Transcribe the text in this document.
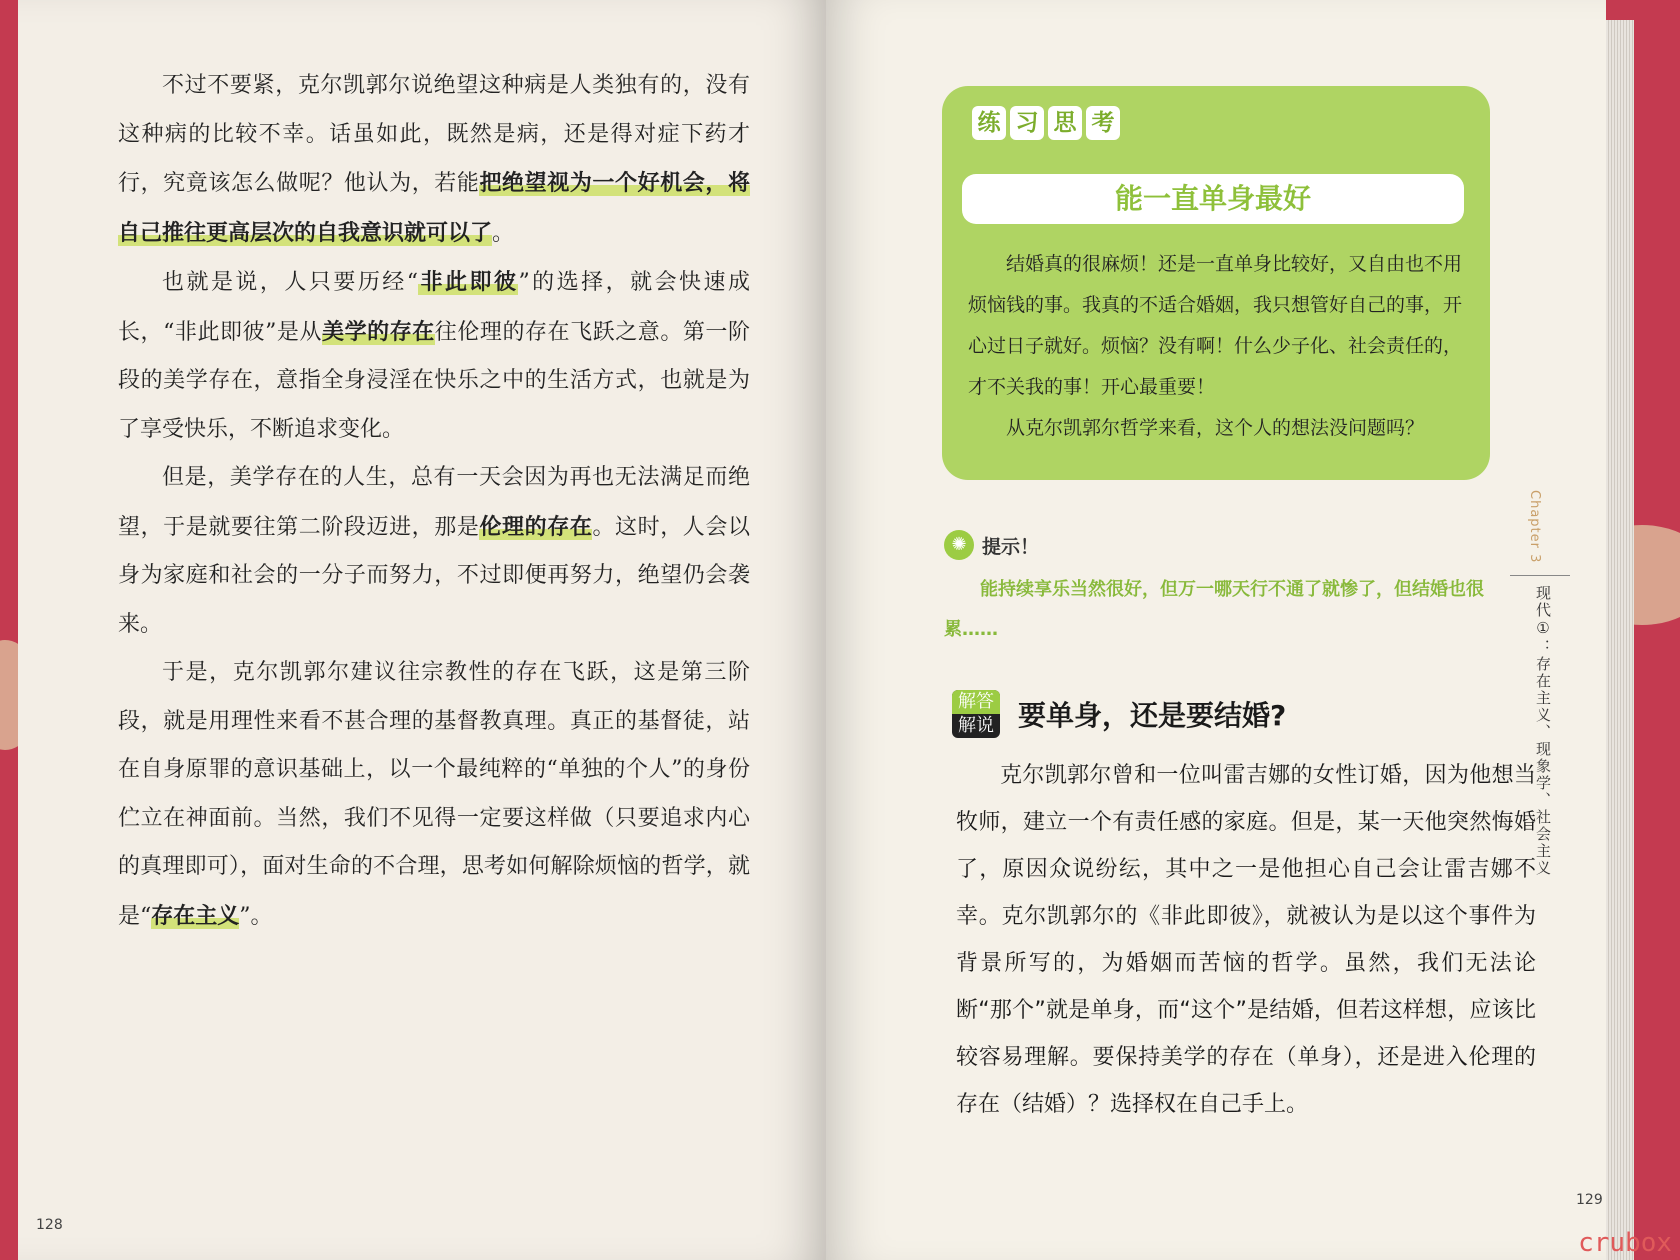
不过不要紧，克尔凯郭尔说绝望这种病是人类独有的，没有这种病的比较不幸。话虽如此，既然是病，还是得对症下药才行，究竟该怎么做呢？他认为，若能把绝望视为一个好机会，将自己推往更高层次的自我意识就可以了。

也就是说，人只要历经“非此即彼”的选择，就会快速成长，“非此即彼”是从美学的存在往伦理的存在飞跃之意。第一阶段的美学存在，意指全身浸淫在快乐之中的生活方式，也就是为了享受快乐，不断追求变化。

但是，美学存在的人生，总有一天会因为再也无法满足而绝望，于是就要往第二阶段迈进，那是伦理的存在。这时，人会以身为家庭和社会的一分子而努力，不过即便再努力，绝望仍会袭来。

于是，克尔凯郭尔建议往宗教性的存在飞跃，这是第三阶段，就是用理性来看不甚合理的基督教真理。真正的基督徒，站在自身原罪的意识基础上，以一个最纯粹的“单独的个人”的身份伫立在神面前。当然，我们不见得一定要这样做（只要追求内心的真理即可），面对生命的不合理，思考如何解除烦恼的哲学，就是“存在主义”。

128
129
练 习 思 考
能一直单身最好

结婚真的很麻烦！还是一直单身比较好，又自由也不用烦恼钱的事。我真的不适合婚姻，我只想管好自己的事，开心过日子就好。烦恼？没有啊！什么少子化、社会责任的，才不关我的事！开心最重要！

从克尔凯郭尔哲学来看，这个人的想法没问题吗？

✺ 提示！
能持续享乐当然很好，但万一哪天行不通了就惨了，但结婚也很累……
解答
解说 要单身，还是要结婚?

克尔凯郭尔曾和一位叫雷吉娜的女性订婚，因为他想当牧师，建立一个有责任感的家庭。但是，某一天他突然悔婚了，原因众说纷纭，其中之一是他担心自己会让雷吉娜不幸。克尔凯郭尔的《非此即彼》，就被认为是以这个事件为背景所写的，为婚姻而苦恼的哲学。虽然，我们无法论断“那个”就是单身，而“这个”是结婚，但若这样想，应该比较容易理解。要保持美学的存在（单身），还是进入伦理的存在（结婚）？选择权在自己手上。

Chapter 3
现代①：存在主义、现象学、社会主义
crubox
